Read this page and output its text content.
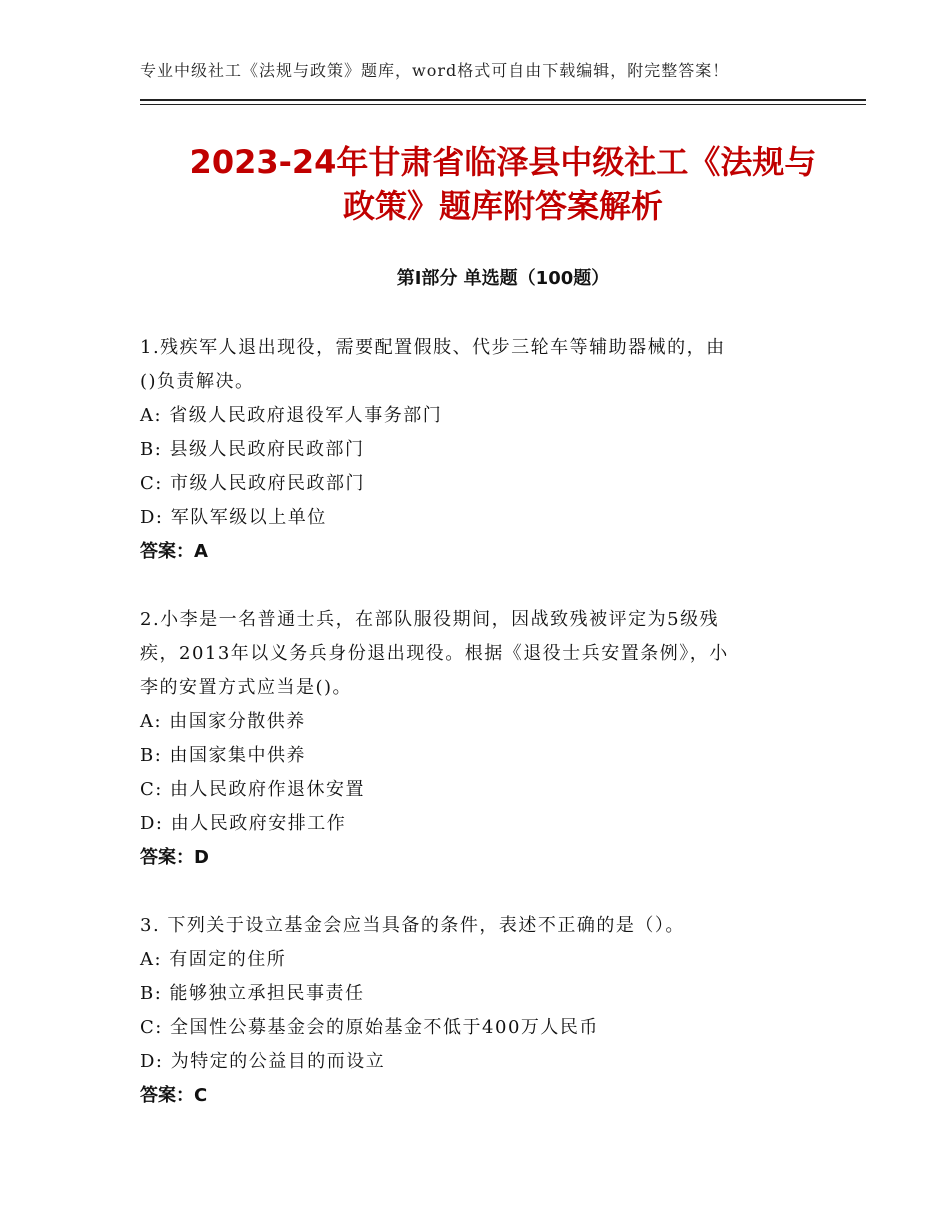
专业中级社工《法规与政策》题库，word格式可自由下载编辑，附完整答案！
2023-24年甘肃省临泽县中级社工《法规与
政策》题库附答案解析
第Ⅰ部分 单选题（100题）

1.残疾军人退出现役，需要配置假肢、代步三轮车等辅助器械的，由

()负责解决。

A: 省级人民政府退役军人事务部门

B: 县级人民政府民政部门

C: 市级人民政府民政部门

D: 军队军级以上单位

答案：A

2.小李是一名普通士兵，在部队服役期间，因战致残被评定为5级残

疾，2013年以义务兵身份退出现役。根据《退役士兵安置条例》，小

李的安置方式应当是()。

A: 由国家分散供养

B: 由国家集中供养

C: 由人民政府作退休安置

D: 由人民政府安排工作

答案：D

3. 下列关于设立基金会应当具备的条件，表述不正确的是（）。

A: 有固定的住所

B: 能够独立承担民事责任

C: 全国性公募基金会的原始基金不低于400万人民币

D: 为特定的公益目的而设立

答案：C
